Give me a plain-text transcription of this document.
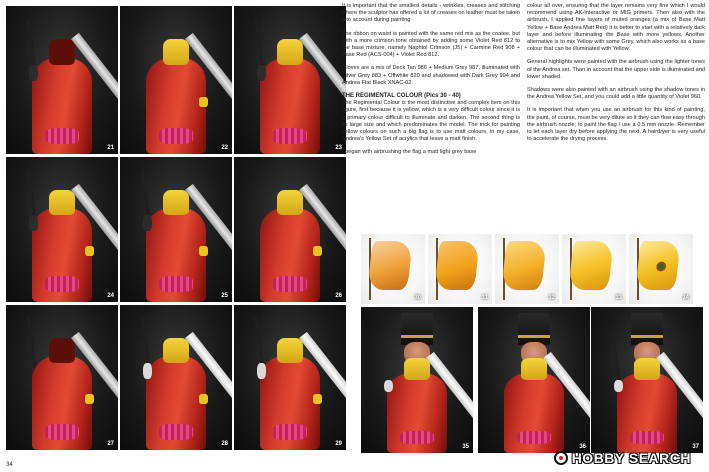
21	22	23
24	25	26
27	28	29
34

It is important that the smallest details - wrinkles, creases and stitching where the sculptor has offered a lot of creases on leather must be taken into account during painting

The ribbon on waist is painted with the same red mix as the coatee, but with a more crimson tone obtained by adding some Violet Red 812 to the base mixture, namely Naphtol Crimson (J5) + Carmine Red 908 + Base Red (ACS-004) + Violet Red 812.

Gloves are a mix of Deck Tan 986 + Medium Grey 987, illuminated with Silver Grey 883 + Offwhite 820 and shadowed with Dark Grey 994 and Andrea Flat Black XNAC-02.

THE REGIMENTAL COLOUR (Pics 30 - 40)

The Regimental Colour is the most distinctive and complex item on this figure, first because it is yellow, which is a very difficult colour since it is a primary colour difficult to illuminate and darken. The second thing is its large size and which predominates the model. The trick for painting yellow colours on such a big flag is to use matt colours, in my case, Andrea's Yellow Set of acrylics that leave a matt finish.

I began with airbrushing the flag a matt light grey base

colour all over, ensuring that the layer remains very fine which I would recommend using AK-Interactive or MIG primers. Then also with the airbrush, I applied fine layers of muted oranges (a mix of Base Matt Yellow + Base Andrea Matt Red) it is better to start with a relatively dark layer and before illuminating the Base with more yellows. Another alternative is to mix Yellow with some Grey, which also works as a base colour that can be illuminated with Yellow.

General highlights were painted with the airbrush using the lighter tones of the Andrea set. Than in account that the upper side is illuminated and lower shaded.

Shadows were also painted with an airbrush using the shadow tones in the Andrea Yellow Set, and you could add a little quantity of Violet 960.

It is important that when you use an airbrush for this kind of painting, the paint, of course, must be very dilute so it they can flow easy through the airbrush nozzle; to paint the flag I use a 0.5 mm nozzle. Remember to let each layer dry before applying the next. A hairdryer is very useful to accelerate the drying process.

30	31	32	33	34
35	36	37
HOBBY SEARCH
